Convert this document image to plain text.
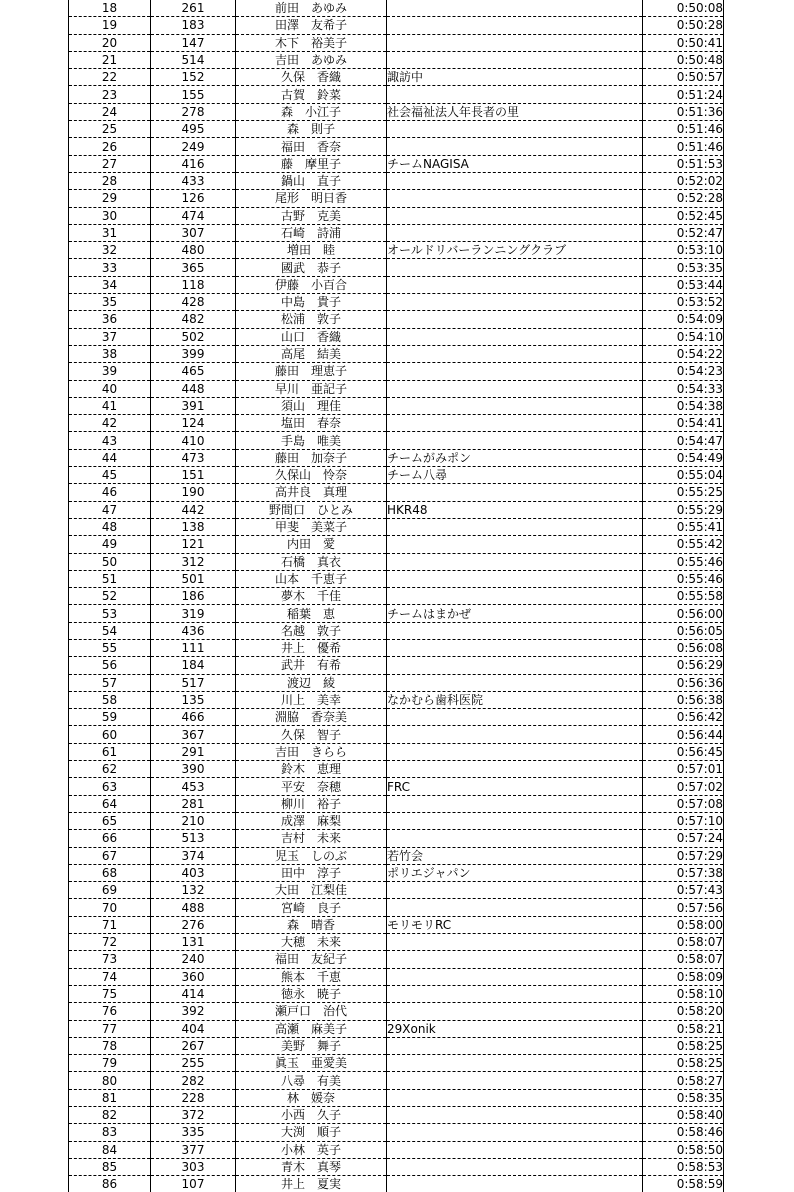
18	261	前田　あゆみ		0:50:08
19	183	田澤　友希子		0:50:28
20	147	木下　裕美子		0:50:41
21	514	吉田　あゆみ		0:50:48
22	152	久保　香織	諏訪中	0:50:57
23	155	古賀　鈴菜		0:51:24
24	278	森　小江子	社会福祉法人年長者の里	0:51:36
25	495	森　則子		0:51:46
26	249	福田　香奈		0:51:46
27	416	藤　摩里子	チームNAGISA	0:51:53
28	433	鍋山　直子		0:52:02
29	126	尾形　明日香		0:52:28
30	474	古野　克美		0:52:45
31	307	石崎　詩浦		0:52:47
32	480	増田　睦	オールドリバーランニングクラブ	0:53:10
33	365	國武　恭子		0:53:35
34	118	伊藤　小百合		0:53:44
35	428	中島　貴子		0:53:52
36	482	松浦　敦子		0:54:09
37	502	山口　香織		0:54:10
38	399	高尾　結美		0:54:22
39	465	藤田　理恵子		0:54:23
40	448	早川　亜記子		0:54:33
41	391	須山　理佳		0:54:38
42	124	塩田　春奈		0:54:41
43	410	手島　唯美		0:54:47
44	473	藤田　加奈子	チームがみポン	0:54:49
45	151	久保山　怜奈	チーム八尋	0:55:04
46	190	高井良　真理		0:55:25
47	442	野間口　ひとみ	HKR48	0:55:29
48	138	甲斐　美菜子		0:55:41
49	121	内田　愛		0:55:42
50	312	石橋　真衣		0:55:46
51	501	山本　千恵子		0:55:46
52	186	夢木　千佳		0:55:58
53	319	稲葉　恵	チームはまかぜ	0:56:00
54	436	名越　敦子		0:56:05
55	111	井上　優希		0:56:08
56	184	武井　有希		0:56:29
57	517	渡辺　綾		0:56:36
58	135	川上　美幸	なかむら歯科医院	0:56:38
59	466	淵脇　香奈美		0:56:42
60	367	久保　智子		0:56:44
61	291	吉田　きらら		0:56:45
62	390	鈴木　恵理		0:57:01
63	453	平安　奈穂	FRC	0:57:02
64	281	柳川　裕子		0:57:08
65	210	成澤　麻梨		0:57:10
66	513	吉村　未来		0:57:24
67	374	児玉　しのぶ	若竹会	0:57:29
68	403	田中　淳子	ポリエジャパン	0:57:38
69	132	大田　江梨佳		0:57:43
70	488	宮崎　良子		0:57:56
71	276	森　晴香	モリモリRC	0:58:00
72	131	大穂　未来		0:58:07
73	240	福田　友紀子		0:58:07
74	360	熊本　千恵		0:58:09
75	414	徳永　暁子		0:58:10
76	392	瀬戸口　治代		0:58:20
77	404	高瀬　麻美子	29Xonik	0:58:21
78	267	美野　舞子		0:58:25
79	255	眞玉　亜愛美		0:58:25
80	282	八尋　有美		0:58:27
81	228	林　媛奈		0:58:35
82	372	小西　久子		0:58:40
83	335	大渕　順子		0:58:46
84	377	小林　英子		0:58:50
85	303	青木　真琴		0:58:53
86	107	井上　夏実		0:58:59
